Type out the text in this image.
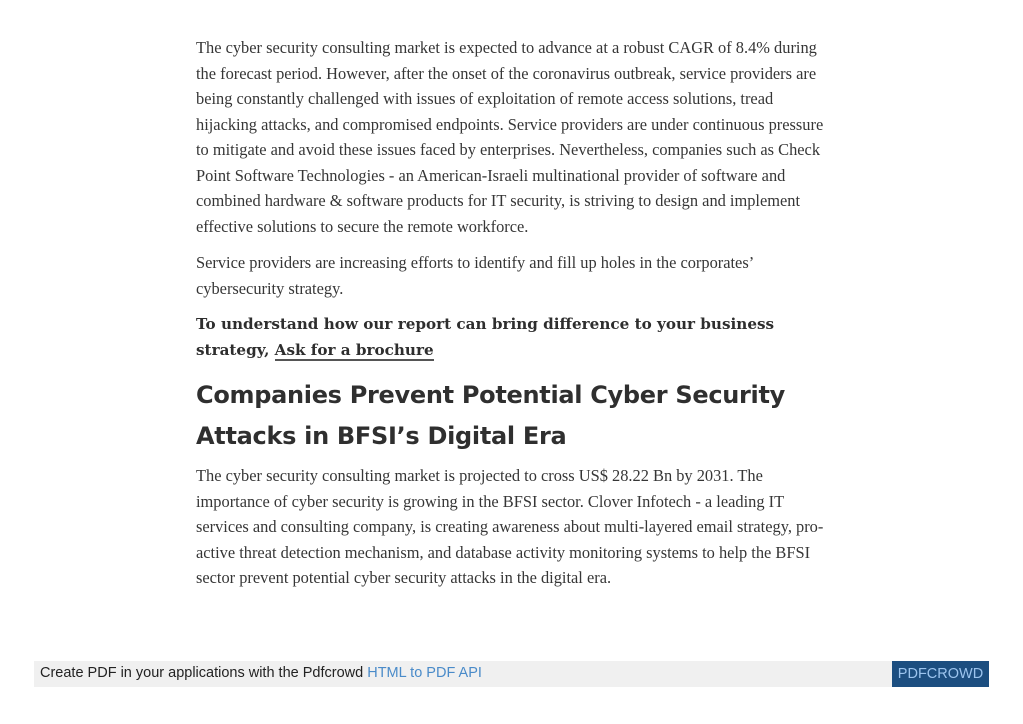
The cyber security consulting market is expected to advance at a robust CAGR of 8.4% during the forecast period. However, after the onset of the coronavirus outbreak, service providers are being constantly challenged with issues of exploitation of remote access solutions, tread hijacking attacks, and compromised endpoints. Service providers are under continuous pressure to mitigate and avoid these issues faced by enterprises. Nevertheless, companies such as Check Point Software Technologies - an American-Israeli multinational provider of software and combined hardware & software products for IT security, is striving to design and implement effective solutions to secure the remote workforce.

Service providers are increasing efforts to identify and fill up holes in the corporates’ cybersecurity strategy.

To understand how our report can bring difference to your business strategy, Ask for a brochure

Companies Prevent Potential Cyber Security Attacks in BFSI’s Digital Era

The cyber security consulting market is projected to cross US$ 28.22 Bn by 2031. The importance of cyber security is growing in the BFSI sector. Clover Infotech - a leading IT services and consulting company, is creating awareness about multi-layered email strategy, pro-active threat detection mechanism, and database activity monitoring systems to help the BFSI sector prevent potential cyber security attacks in the digital era.

Create PDF in your applications with the Pdfcrowd HTML to PDF API	PDFCROWD
